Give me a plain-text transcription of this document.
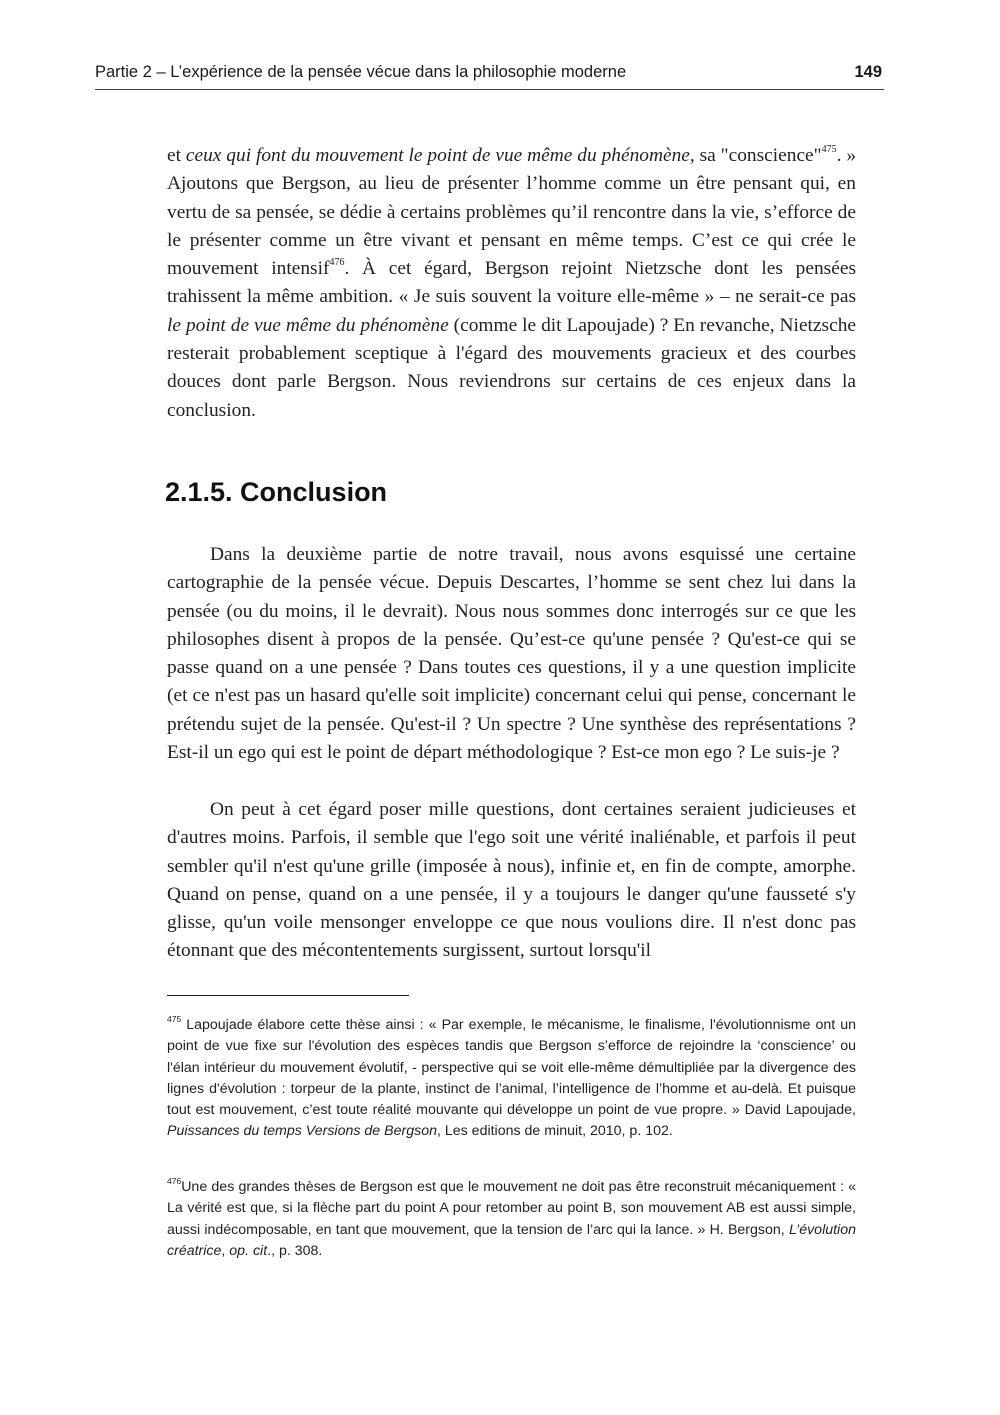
Partie 2 – L’expérience de la pensée vécue dans la philosophie moderne	149

et ceux qui font du mouvement le point de vue même du phénomène, sa "conscience"$^{475}$. » Ajoutons que Bergson, au lieu de présenter l’homme comme un être pensant qui, en vertu de sa pensée, se dédie à certains problèmes qu’il rencontre dans la vie, s’efforce de le présenter comme un être vivant et pensant en même temps. C’est ce qui crée le mouvement intensif$^{476}$. À cet égard, Bergson rejoint Nietzsche dont les pensées trahissent la même ambition. « Je suis souvent la voiture elle-même » – ne serait-ce pas le point de vue même du phénomène (comme le dit Lapoujade) ? En revanche, Nietzsche resterait probablement sceptique à l'égard des mouvements gracieux et des courbes douces dont parle Bergson. Nous reviendrons sur certains de ces enjeux dans la conclusion.

2.1.5. Conclusion

Dans la deuxième partie de notre travail, nous avons esquissé une certaine cartographie de la pensée vécue. Depuis Descartes, l’homme se sent chez lui dans la pensée (ou du moins, il le devrait). Nous nous sommes donc interrogés sur ce que les philosophes disent à propos de la pensée. Qu’est-ce qu'une pensée ? Qu'est-ce qui se passe quand on a une pensée ? Dans toutes ces questions, il y a une question implicite (et ce n'est pas un hasard qu'elle soit implicite) concernant celui qui pense, concernant le prétendu sujet de la pensée. Qu'est-il ? Un spectre ? Une synthèse des représentations ? Est-il un ego qui est le point de départ méthodologique ? Est-ce mon ego ? Le suis-je ?

On peut à cet égard poser mille questions, dont certaines seraient judicieuses et d'autres moins. Parfois, il semble que l'ego soit une vérité inaliénable, et parfois il peut sembler qu'il n'est qu'une grille (imposée à nous), infinie et, en fin de compte, amorphe. Quand on pense, quand on a une pensée, il y a toujours le danger qu'une fausseté s'y glisse, qu'un voile mensonger enveloppe ce que nous voulions dire. Il n'est donc pas étonnant que des mécontentements surgissent, surtout lorsqu'il

$^{475}$ Lapoujade élabore cette thèse ainsi : « Par exemple, le mécanisme, le finalisme, l'évolutionnisme ont un point de vue fixe sur l'évolution des espèces tandis que Bergson s’efforce de rejoindre la ‘conscience’ ou l'élan intérieur du mouvement évolutif, - perspective qui se voit elle-même démultipliée par la divergence des lignes d'évolution : torpeur de la plante, instinct de l’animal, l’intelligence de l’homme et au-delà. Et puisque tout est mouvement, c’est toute réalité mouvante qui développe un point de vue propre. » David Lapoujade, Puissances du temps Versions de Bergson, Les editions de minuit, 2010, p. 102.
$^{476}$Une des grandes thèses de Bergson est que le mouvement ne doit pas être reconstruit mécaniquement : « La vérité est que, si la flèche part du point A pour retomber au point B, son mouvement AB est aussi simple, aussi indécomposable, en tant que mouvement, que la tension de l’arc qui la lance. » H. Bergson, L’évolution créatrice, op. cit., p. 308.
